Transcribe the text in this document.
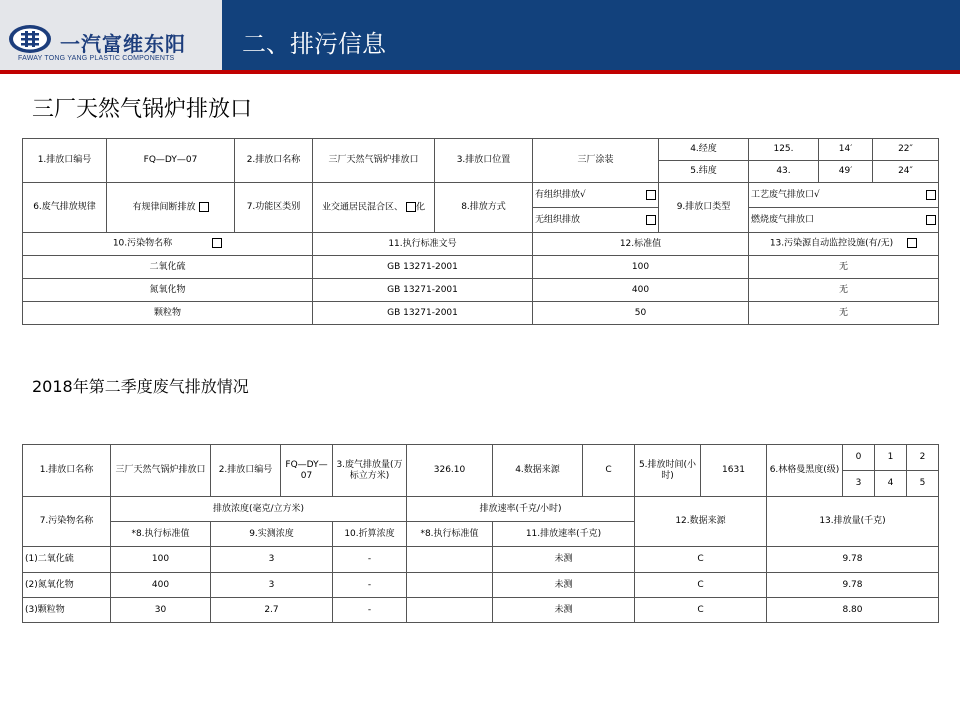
一汽富维东阳
FAWAY TONG YANG PLASTIC COMPONENTS
二、排污信息
三厂天然气锅炉排放口
1.排放口编号	FQ—DY—07	2.排放口名称	三厂天然气锅炉排放口	3.排放口位置	三厂涂装	4.经度	125.	14′	22″
						5.纬度	43.	49′	24″
6.废气排放规律	有规律间断排放	7.功能区类别	业交通居民混合区、 化	8.排放方式	有组织排放√	9.排放口类型	工艺废气排放口√		

					无组织排放		燃烧废气排放口		

10.污染物名称			11.执行标准文号		12.标准值		13.污染源自动监控设施(有/无)		
二氧化硫			GB 13271-2001		100		无		
氮氧化物			GB 13271-2001		400		无		
颗粒物			GB 13271-2001		50		无		
2018年第二季度废气排放情况
1.排放口名称	三厂天然气锅炉排放口	2.排放口编号	FQ—DY—07	3.废气排放量(万标立方米)	326.10	4.数据来源	C	5.排放时间(小时)	1631	6.林格曼黑度(级)	0	1	2
											3	4	5
7.污染物名称	排放浓度(毫克/立方米)				排放速率(千克/小时)			12.数据来源		13.排放量(千克)			
	*8.执行标准值	9.实测浓度		10.折算浓度	*8.执行标准值	11.排放速率(千克)							
(1)二氧化硫	100	3		-		未测		C		9.78			
(2)氮氧化物	400	3		-		未测		C		9.78			
(3)颗粒物	30	2.7		-		未测		C		8.80			
